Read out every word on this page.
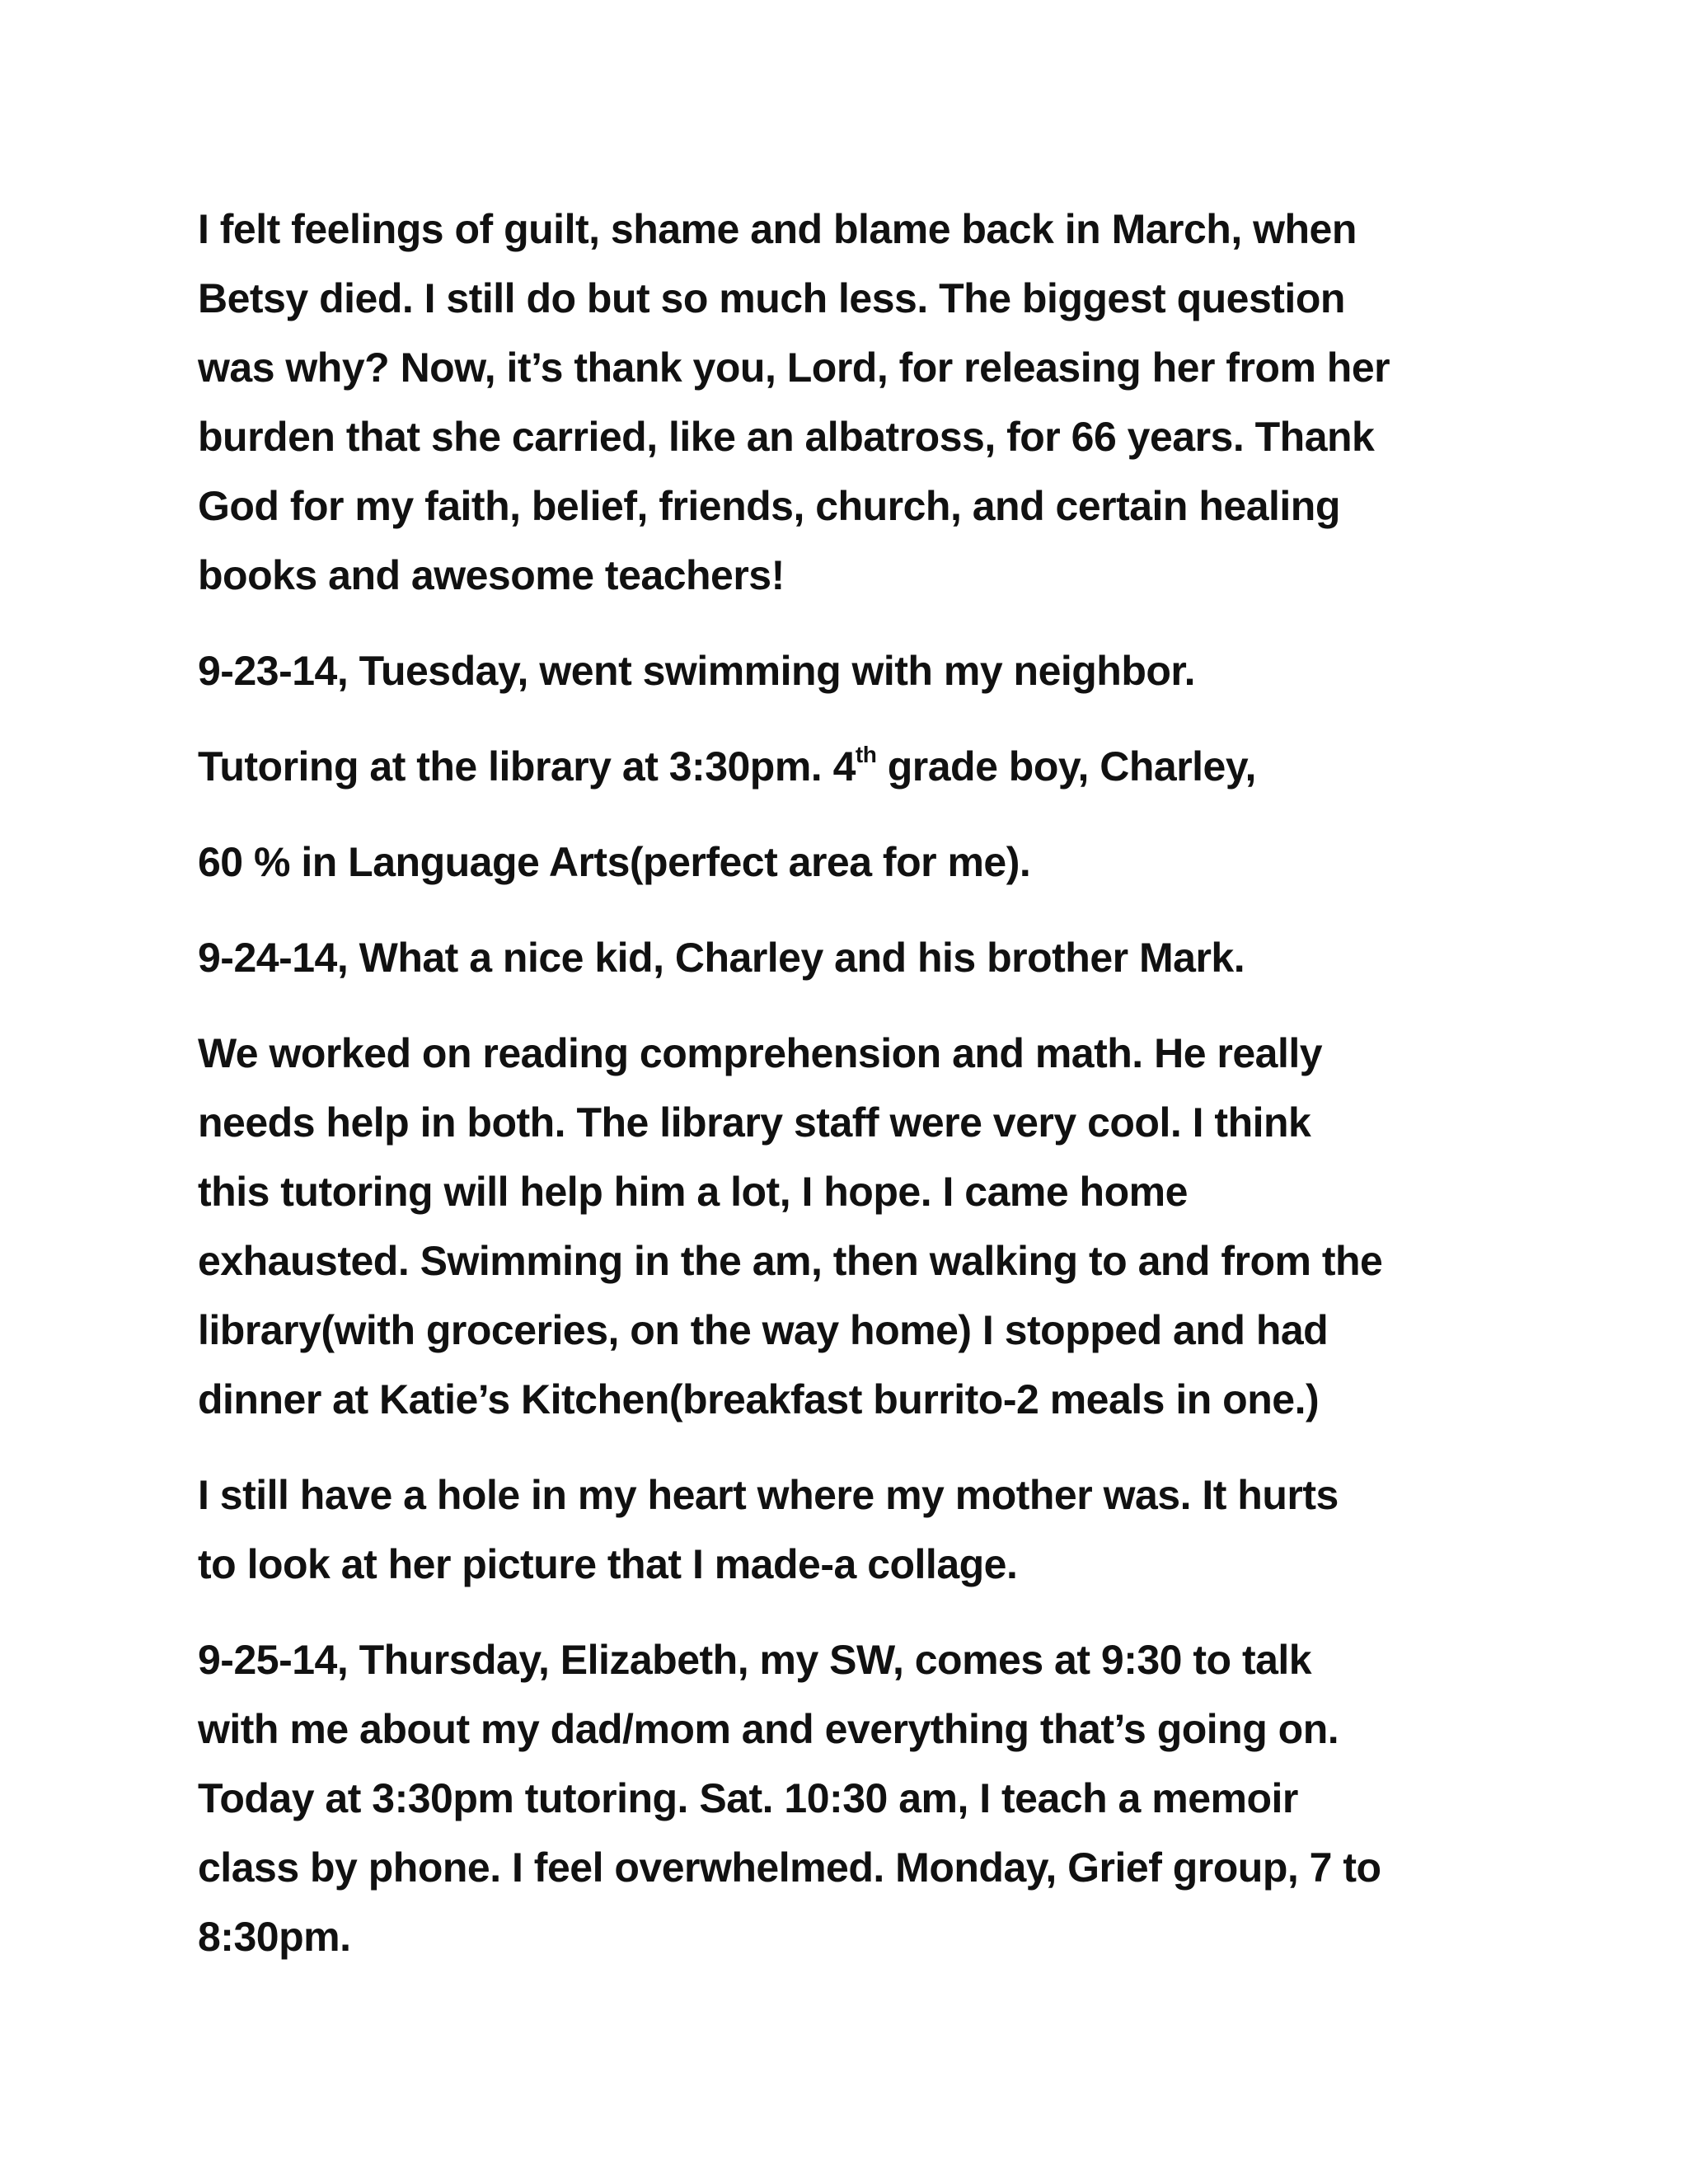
I felt feelings of guilt, shame and blame back in March, when
Betsy died. I still do but so much less. The biggest question
was why? Now, it’s thank you, Lord, for releasing her from her
burden that she carried, like an albatross, for 66 years. Thank
God for my faith, belief, friends, church, and certain healing
books and awesome teachers!

9-23-14, Tuesday, went swimming with my neighbor.

Tutoring at the library at 3:30pm. 4th grade boy, Charley,

60 % in Language Arts(perfect area for me).

9-24-14, What a nice kid, Charley and his brother Mark.

We worked on reading comprehension and math. He really
needs help in both. The library staff were very cool. I think
this tutoring will help him a lot, I hope. I came home
exhausted. Swimming in the am, then walking to and from the
library(with groceries, on the way home) I stopped and had
dinner at Katie’s Kitchen(breakfast burrito-2 meals in one.)

I still have a hole in my heart where my mother was. It hurts
to look at her picture that I made-a collage.

9-25-14, Thursday, Elizabeth, my SW, comes at 9:30 to talk
with me about my dad/mom and everything that’s going on.
Today at 3:30pm tutoring. Sat. 10:30 am, I teach a memoir
class by phone. I feel overwhelmed. Monday, Grief group, 7 to
8:30pm.
